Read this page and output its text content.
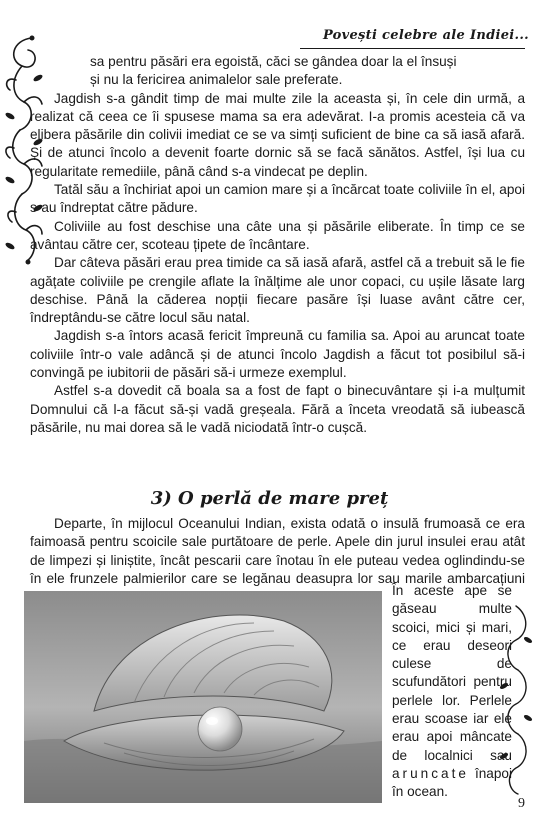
Povești celebre ale Indiei...

sa pentru păsări era egoistă, căci se gândea doar la el însuși

și nu la fericirea animalelor sale preferate.

Jagdish s-a gândit timp de mai multe zile la aceasta și, în cele din urmă, a realizat că ceea ce îi spusese mama sa era adevărat. I-a promis acesteia că va elibera păsările din colivii imediat ce se va simți suficient de bine ca să iasă afară. Și de atunci încolo a devenit foarte dornic să se facă sănătos. Astfel, își lua cu regularitate remediile, până când s-a vindecat pe deplin.

Tatăl său a închiriat apoi un camion mare și a încărcat toate coliviile în el, apoi s-au îndreptat către pădure.

Coliviile au fost deschise una câte una și păsările eliberate. În timp ce se avântau către cer, scoteau țipete de încântare.

Dar câteva păsări erau prea timide ca să iasă afară, astfel că a trebuit să le fie agățate coliviile pe crengile aflate la înălțime ale unor copaci, cu ușile lăsate larg deschise. Până la căderea nopții fiecare pasăre își luase avânt către cer, îndreptându-se către locul său natal.

Jagdish s-a întors acasă fericit împreună cu familia sa. Apoi au aruncat toate coliviile într-o vale adâncă și de atunci încolo Jagdish a făcut tot posibilul să-i convingă pe iubitorii de păsări să-i urmeze exemplul.

Astfel s-a dovedit că boala sa a fost de fapt o binecuvântare și i-a mulțumit Domnului că l-a făcut să-și vadă greșeala. Fără a înceta vreodată să iubească păsările, nu mai dorea să le vadă niciodată într-o cușcă.

3) O perlă de mare preț

Departe, în mijlocul Oceanului Indian, exista odată o insulă frumoasă ce era faimoasă pentru scoicile sale purtătoare de perle. Apele din jurul insulei erau atât de limpezi și liniștite, încât pescarii care înotau în ele puteau vedea oglindindu-se în ele frunzele palmierilor care se legănau deasupra lor sau marile ambarcațiuni

În aceste ape se găseau multe scoici, mici și mari, ce erau deseori culese de scufundători pentru perlele lor. Perlele erau scoase iar ele erau apoi mâncate de localnici sau aruncate înapoi în ocean.
9
